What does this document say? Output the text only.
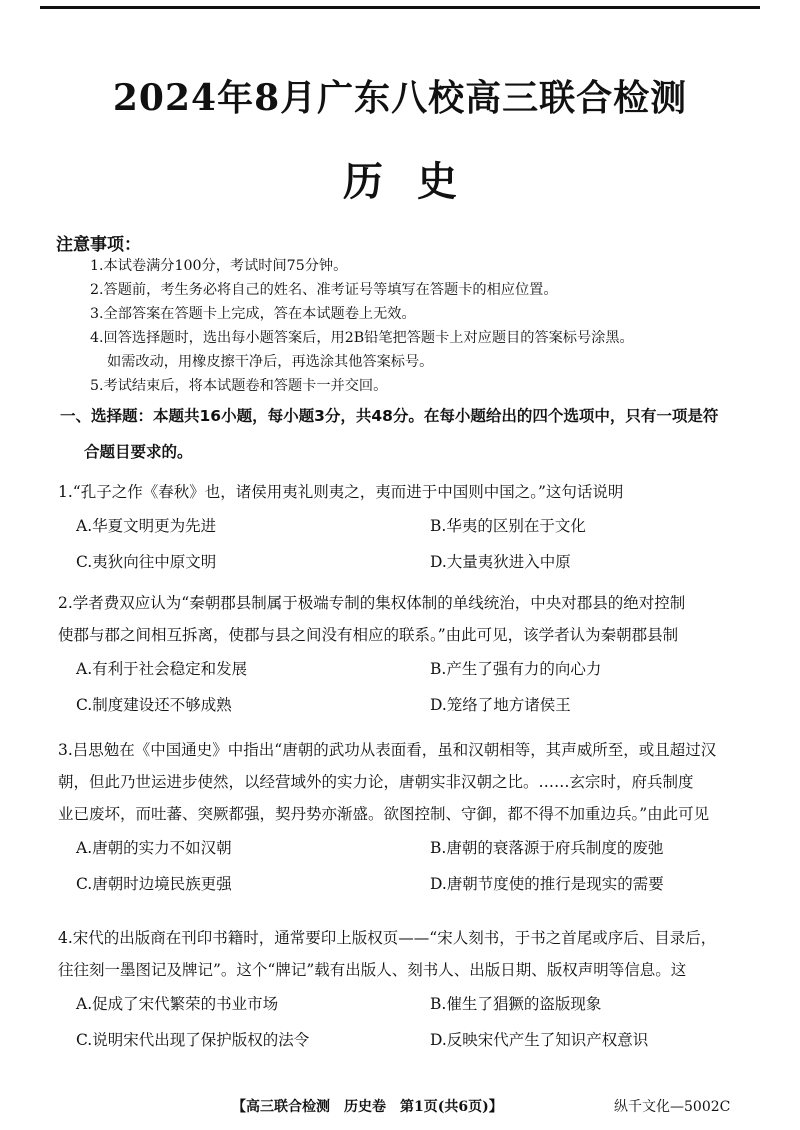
2024年8月广东八校高三联合检测
历史
注意事项：
1.本试卷满分100分，考试时间75分钟。
2.答题前，考生务必将自己的姓名、准考证号等填写在答题卡的相应位置。
3.全部答案在答题卡上完成，答在本试题卷上无效。
4.回答选择题时，选出每小题答案后，用2B铅笔把答题卡上对应题目的答案标号涂黑。
如需改动，用橡皮擦干净后，再选涂其他答案标号。
5.考试结束后，将本试题卷和答题卡一并交回。
一、选择题：本题共16小题，每小题3分，共48分。在每小题给出的四个选项中，只有一项是符
合题目要求的。
1.“孔子之作《春秋》也，诸侯用夷礼则夷之，夷而进于中国则中国之。”这句话说明
A.华夏文明更为先进	B.华夷的区别在于文化
C.夷狄向往中原文明	D.大量夷狄进入中原
2.学者费双应认为“秦朝郡县制属于极端专制的集权体制的单线统治，中央对郡县的绝对控制
使郡与郡之间相互拆离，使郡与县之间没有相应的联系。”由此可见，该学者认为秦朝郡县制
A.有利于社会稳定和发展	B.产生了强有力的向心力
C.制度建设还不够成熟	D.笼络了地方诸侯王
3.吕思勉在《中国通史》中指出“唐朝的武功从表面看，虽和汉朝相等，其声威所至，或且超过汉
朝，但此乃世运进步使然，以经营域外的实力论，唐朝实非汉朝之比。……玄宗时，府兵制度
业已废坏，而吐蕃、突厥都强，契丹势亦渐盛。欲图控制、守御，都不得不加重边兵。”由此可见
A.唐朝的实力不如汉朝	B.唐朝的衰落源于府兵制度的废弛
C.唐朝时边境民族更强	D.唐朝节度使的推行是现实的需要
4.宋代的出版商在刊印书籍时，通常要印上版权页——“宋人刻书，于书之首尾或序后、目录后，
往往刻一墨图记及牌记”。这个“牌记”载有出版人、刻书人、出版日期、版权声明等信息。这
A.促成了宋代繁荣的书业市场	B.催生了猖獗的盗版现象
C.说明宋代出现了保护版权的法令	D.反映宋代产生了知识产权意识
【高三联合检测　历史卷　第1页(共6页)】	纵千文化—5002C
